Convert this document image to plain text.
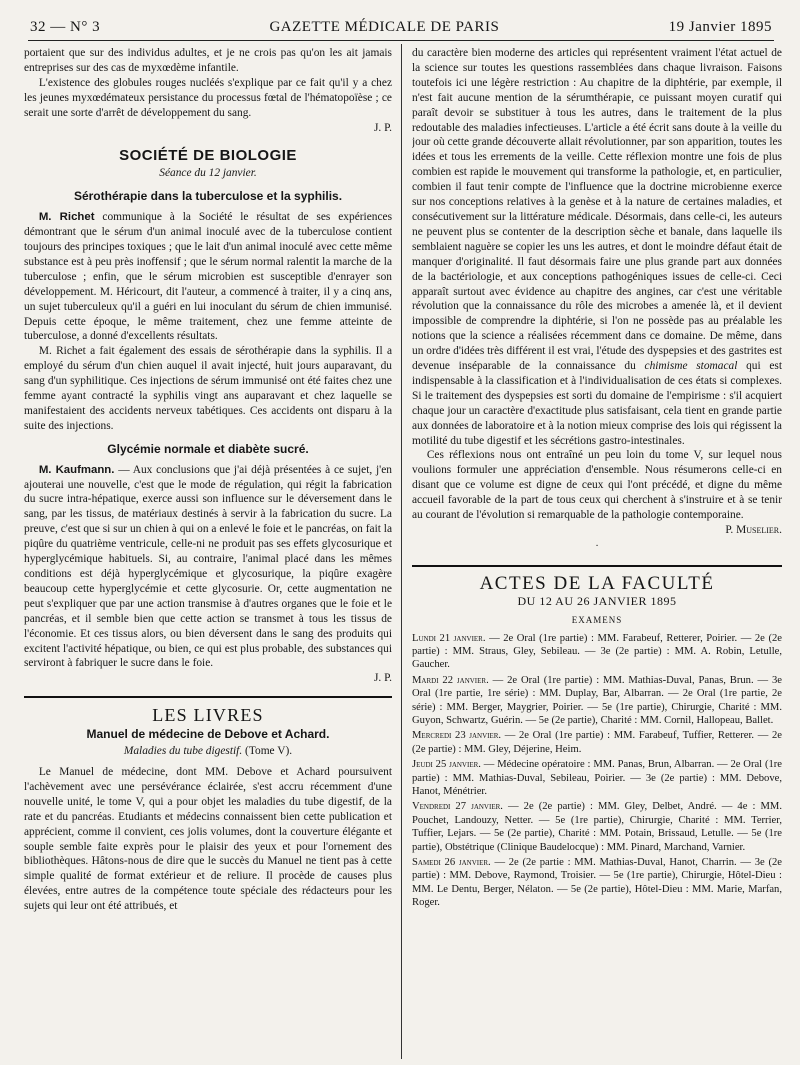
32 — N° 3	GAZETTE MÉDICALE DE PARIS	19 Janvier 1895

portaient que sur des individus adultes, et je ne crois pas qu'on les ait jamais entreprises sur des cas de myxœdème infantile.

L'existence des globules rouges nucléés s'explique par ce fait qu'il y a chez les jeunes myxœdémateux persistance du processus fœtal de l'hématopoïèse ; ce serait une sorte d'arrêt de développement du sang.

J. P.

SOCIÉTÉ DE BIOLOGIE
Séance du 12 janvier.
Sérothérapie dans la tuberculose et la syphilis.

M. Richet communique à la Société le résultat de ses expériences démontrant que le sérum d'un animal inoculé avec de la tuberculose contient toujours des principes toxiques ; que le lait d'un animal inoculé avec cette même substance est à peu près inoffensif ; que le sérum normal ralentit la marche de la tuberculose ; enfin, que le sérum microbien est susceptible d'enrayer son développement. M. Héricourt, dit l'auteur, a commencé à traiter, il y a cinq ans, un sujet tuberculeux qu'il a guéri en lui inoculant du sérum de chien immunisé. Depuis cette époque, le même traitement, chez une femme atteinte de tuberculose, a donné d'excellents résultats.

M. Richet a fait également des essais de sérothérapie dans la syphilis. Il a employé du sérum d'un chien auquel il avait injecté, huit jours auparavant, du sang d'un syphilitique. Ces injections de sérum immunisé ont été faites chez une femme ayant contracté la syphilis vingt ans auparavant et chez laquelle se manifestaient des accidents nerveux tabétiques. Ces accidents ont disparu à la suite des injections.

Glycémie normale et diabète sucré.

M. Kaufmann. — Aux conclusions que j'ai déjà présentées à ce sujet, j'en ajouterai une nouvelle, c'est que le mode de régulation, qui régit la fabrication du sucre intra-hépatique, exerce aussi son influence sur le déversement dans le sang, par les tissus, de matériaux destinés à servir à la fabrication du sucre. La preuve, c'est que si sur un chien à qui on a enlevé le foie et le pancréas, on fait la piqûre du quatrième ventricule, celle-ni ne produit pas ses effets glycosurique et hyperglycémique habituels. Si, au contraire, l'animal placé dans les mêmes conditions est déjà hyperglycémique et glycosurique, la piqûre exagère beaucoup cette hyperglycémie et cette glycosurie. Or, cette augmentation ne peut s'expliquer que par une action transmise à d'autres organes que le foie et le pancréas, et il semble bien que cette action se transmet à tous les tissus de l'économie. Et ces tissus alors, ou bien déversent dans le sang des produits qui excitent l'activité hépatique, ou bien, ce qui est plus probable, des substances qui serviront à fabriquer le sucre dans le foie.

J. P.

LES LIVRES
Manuel de médecine de Debove et Achard.
Maladies du tube digestif. (Tome V).

Le Manuel de médecine, dont MM. Debove et Achard poursuivent l'achèvement avec une persévérance éclairée, s'est accru récemment d'une nouvelle unité, le tome V, qui a pour objet les maladies du tube digestif, de la rate et du pancréas. Etudiants et médecins connaissent bien cette publication et apprécient, comme il convient, ces jolis volumes, dont la couverture élégante et souple semble faite exprès pour le plaisir des yeux et pour l'ornement des bibliothèques. Hâtons-nous de dire que le succès du Manuel ne tient pas à cette simple qualité de format extérieur et de reliure. Il procède de causes plus élevées, entre autres de la compétence toute spéciale des rédacteurs pour les sujets qui leur ont été attribués, et

du caractère bien moderne des articles qui représentent vraiment l'état actuel de la science sur toutes les questions rassemblées dans chaque livraison. Faisons toutefois ici une légère restriction : Au chapitre de la diphtérie, par exemple, il n'est fait aucune mention de la sérumthérapie, ce puissant moyen curatif qui paraît devoir se substituer à tous les autres, dans le traitement de la plus redoutable des maladies infectieuses. L'article a été écrit sans doute à la veille du jour où cette grande découverte allait révolutionner, par son apparition, toutes les idées et tous les errements de la veille. Cette réflexion montre une fois de plus combien est rapide le mouvement qui transforme la pathologie, et, en particulier, combien il faut tenir compte de l'influence que la doctrine microbienne exerce sur nos conceptions relatives à la genèse et à la nature de certaines maladies, et consécutivement sur la littérature médicale. Désormais, dans celle-ci, les auteurs ne peuvent plus se contenter de la description sèche et banale, dans laquelle ils semblaient naguère se copier les uns les autres, et dont le moindre défaut était de manquer d'originalité. Il faut désormais faire une plus grande part aux données de la bactériologie, et aux conceptions pathogéniques issues de celle-ci. Ceci apparaît surtout avec évidence au chapitre des angines, car c'est une véritable révolution que la connaissance du rôle des microbes a amenée là, et il devient impossible de comprendre la diphtérie, si l'on ne possède pas au préalable les notions que la science a réalisées récemment dans ce domaine. De même, dans un ordre d'idées très différent il est vrai, l'étude des dyspepsies et des gastrites est devenue inséparable de la connaissance du chimisme stomacal qui est indispensable à la classification et à l'individualisation de ces états si complexes. Si le traitement des dyspepsies est sorti du domaine de l'empirisme : s'il acquiert chaque jour un caractère d'exactitude plus satisfaisant, cela tient en grande partie aux données de laboratoire et à la notion mieux comprise des lois qui régissent la motilité du tube digestif et les sécrétions gastro-intestinales.

Ces réflexions nous ont entraîné un peu loin du tome V, sur lequel nous voulions formuler une appréciation d'ensemble. Nous résumerons celle-ci en disant que ce volume est digne de ceux qui l'ont précédé, et digne du même accueil favorable de la part de tous ceux qui cherchent à s'instruire et à se tenir au courant de l'évolution si remarquable de la pathologie contemporaine.

P. Muselier.

·
ACTES DE LA FACULTÉ
DU 12 AU 26 JANVIER 1895
EXAMENS

Lundi 21 janvier. — 2e Oral (1re partie) : MM. Farabeuf, Retterer, Poirier. — 2e (2e partie) : MM. Straus, Gley, Sebileau. — 3e (2e partie) : MM. A. Robin, Letulle, Gaucher.

Mardi 22 janvier. — 2e Oral (1re partie) : MM. Mathias-Duval, Panas, Brun. — 3e Oral (1re partie, 1re série) : MM. Duplay, Bar, Albarran. — 2e Oral (1re partie, 2e série) : MM. Berger, Maygrier, Poirier. — 5e (1re partie), Chirurgie, Charité : MM. Guyon, Schwartz, Guérin. — 5e (2e partie), Charité : MM. Cornil, Hallopeau, Ballet.

Mercredi 23 janvier. — 2e Oral (1re partie) : MM. Farabeuf, Tuffier, Retterer. — 2e (2e partie) : MM. Gley, Déjerine, Heim.

Jeudi 25 janvier. — Médecine opératoire : MM. Panas, Brun, Albarran. — 2e Oral (1re partie) : MM. Mathias-Duval, Sebileau, Poirier. — 3e (2e partie) : MM. Debove, Hanot, Ménétrier.

Vendredi 27 janvier. — 2e (2e partie) : MM. Gley, Delbet, André. — 4e : MM. Pouchet, Landouzy, Netter. — 5e (1re partie), Chirurgie, Charité : MM. Terrier, Tuffier, Lejars. — 5e (2e partie), Charité : MM. Potain, Brissaud, Letulle. — 5e (1re partie), Obstétrique (Clinique Baudelocque) : MM. Pinard, Marchand, Varnier.

Samedi 26 janvier. — 2e (2e partie : MM. Mathias-Duval, Hanot, Charrin. — 3e (2e partie) : MM. Debove, Raymond, Troisier. — 5e (1re partie), Chirurgie, Hôtel-Dieu : MM. Le Dentu, Berger, Nélaton. — 5e (2e partie), Hôtel-Dieu : MM. Marie, Marfan, Roger.
